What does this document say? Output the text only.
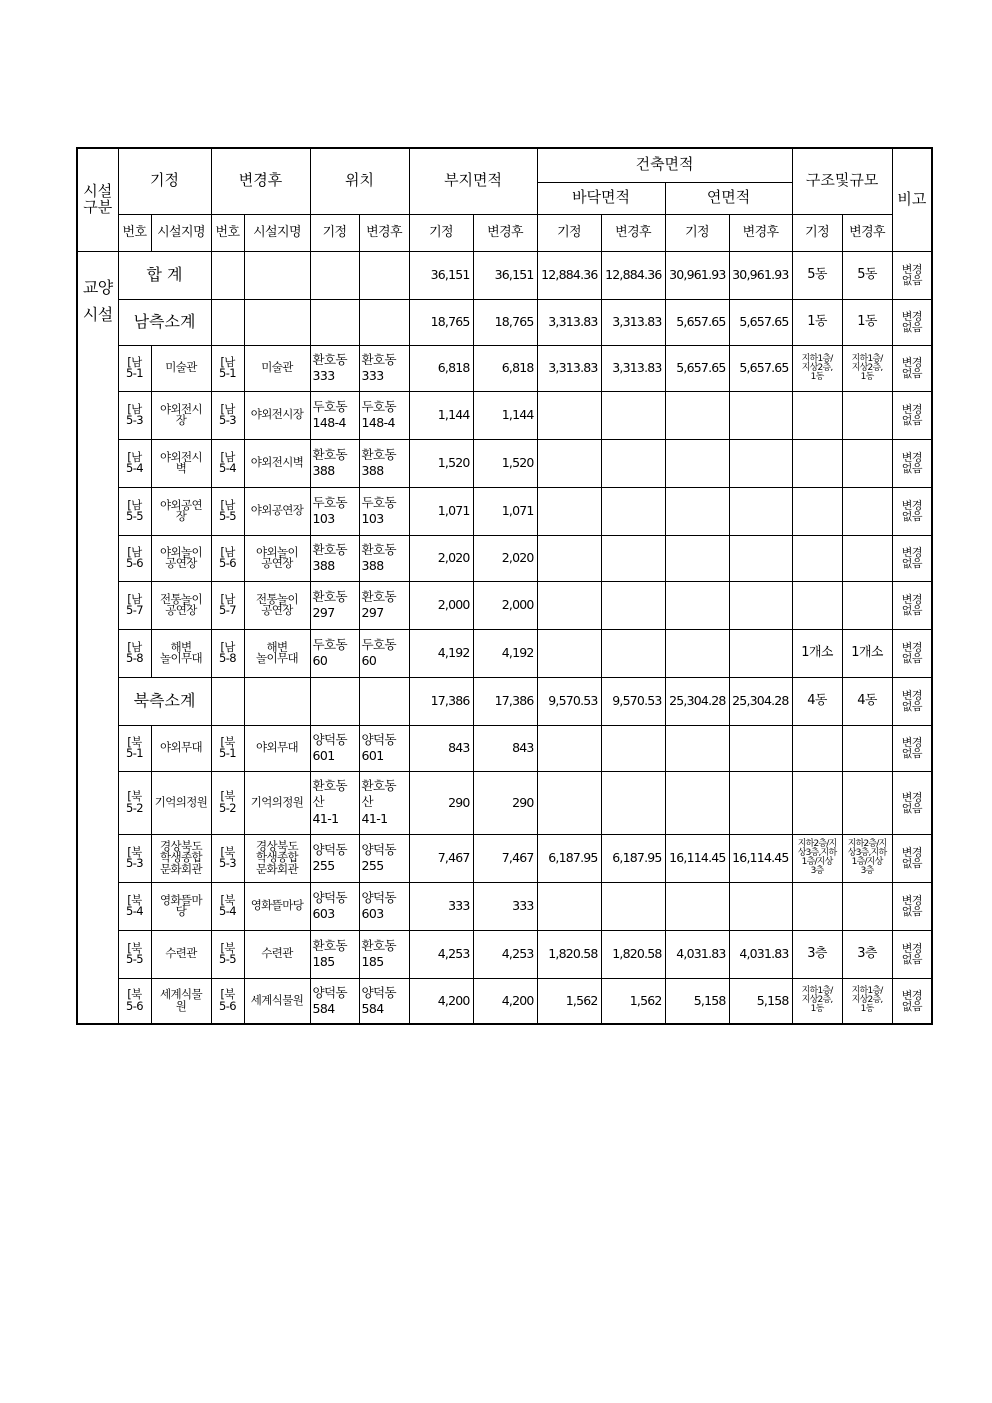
시설
구분	기정		변경후		위치		부지면적		건축면적				구조및규모		비고
									바닥면적		연면적				
	번호	시설지명	번호	시설지명	기정	변경후	기정	변경후	기정	변경후	기정	변경후	기정	변경후	

교양
시설	합 계						36,151	36,151	12,884.36	12,884.36	30,961.93	30,961.93	5동	5동	변경
없음

	남측소계						18,765	18,765	3,313.83	3,313.83	5,657.65	5,657.65	1동	1동	변경
없음

	[남
5-1	미술관	[남
5-1	미술관	환호동
333	환호동
333	6,818	6,818	3,313.83	3,313.83	5,657.65	5,657.65	지하1층/
지상2층,
1동	지하1층/
지상2층,
1동	변경
없음

	[남
5-3	야외전시
장	[남
5-3	야외전시장	두호동
148-4	두호동
148-4	1,144	1,144							변경
없음

	[남
5-4	야외전시
벽	[남
5-4	야외전시벽	환호동
388	환호동
388	1,520	1,520							변경
없음

	[남
5-5	야외공연
장	[남
5-5	야외공연장	두호동
103	두호동
103	1,071	1,071							변경
없음

	[남
5-6	야외놀이
공연장	[남
5-6	야외놀이
공연장	환호동
388	환호동
388	2,020	2,020							변경
없음

	[남
5-7	전통놀이
공연장	[남
5-7	전통놀이
공연장	환호동
297	환호동
297	2,000	2,000							변경
없음

	[남
5-8	해변
놀이무대	[남
5-8	해변
놀이무대	두호동
60	두호동
60	4,192	4,192					1개소	1개소	변경
없음

	북측소계						17,386	17,386	9,570.53	9,570.53	25,304.28	25,304.28	4동	4동	변경
없음

	[북
5-1	야외무대	[북
5-1	야외무대	양덕동
601	양덕동
601	843	843							변경
없음

	[북
5-2	기억의정원	[북
5-2	기억의정원	환호동
산
41-1	환호동
산
41-1	290	290							변경
없음

	[북
5-3	경상북도
학생종합
문화회관	[북
5-3	경상북도
학생종합
문화회관	양덕동
255	양덕동
255	7,467	7,467	6,187.95	6,187.95	16,114.45	16,114.45	지하2층/지
상3층,지하
1층/지상
3층	지하2층/지
상3층,지하
1층/지상
3층	변경
없음

	[북
5-4	영화뜰마
당	[북
5-4	영화뜰마당	양덕동
603	양덕동
603	333	333							변경
없음

	[북
5-5	수련관	[북
5-5	수련관	환호동
185	환호동
185	4,253	4,253	1,820.58	1,820.58	4,031.83	4,031.83	3층	3층	변경
없음

	[북
5-6	세계식물
원	[북
5-6	세계식물원	양덕동
584	양덕동
584	4,200	4,200	1,562	1,562	5,158	5,158	지하1층/
지상2층,
1동	지하1층/
지상2층,
1동	변경
없음
